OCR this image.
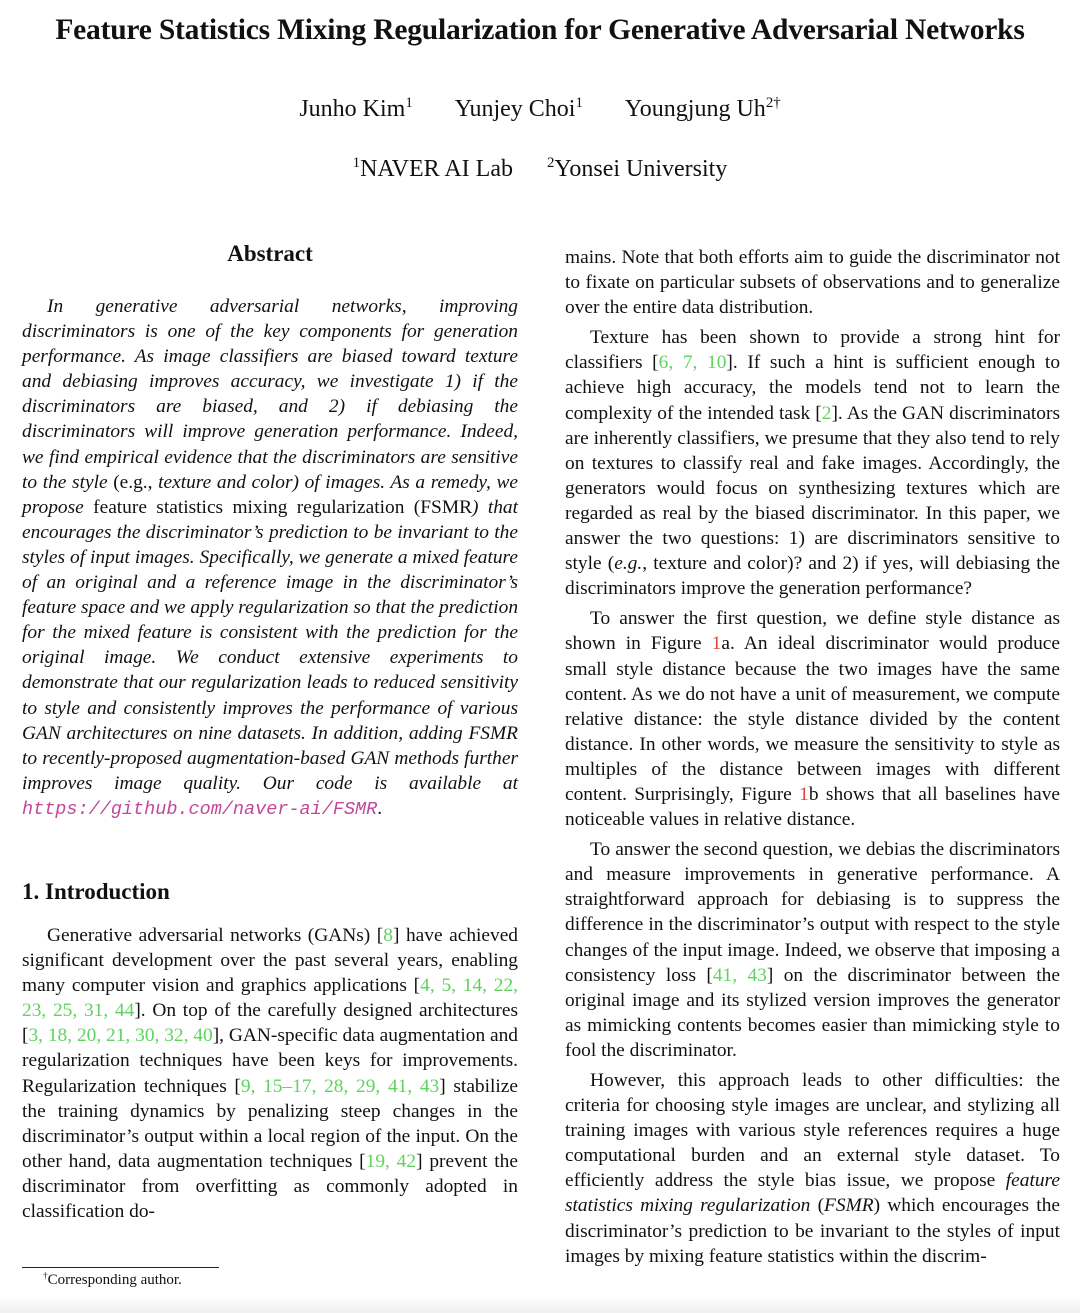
Feature Statistics Mixing Regularization for Generative Adversarial Networks
Junho Kim$^1$ Yunjey Choi$^1$ Youngjung $Uh^{2\dagger}$
$^1$NAVER AI Lab $^2$Yonsei University
Abstract

In generative adversarial networks, improving discriminators is one of the key components for generation performance. As image classifiers are biased toward texture and debiasing improves accuracy, we investigate 1) if the discriminators are biased, and 2) if debiasing the discriminators will improve generation performance. Indeed, we find empirical evidence that the discriminators are sensitive to the style (e.g., texture and color) of images. As a remedy, we propose feature statistics mixing regularization (FSMR) that encourages the discriminator’s prediction to be invariant to the styles of input images. Specifically, we generate a mixed feature of an original and a reference image in the discriminator’s feature space and we apply regularization so that the prediction for the mixed feature is consistent with the prediction for the original image. We conduct extensive experiments to demonstrate that our regularization leads to reduced sensitivity to style and consistently improves the performance of various GAN architectures on nine datasets. In addition, adding FSMR to recently-proposed augmentation-based GAN methods further improves image quality. Our code is available at https://github.com/naver-ai/FSMR.

1. Introduction

Generative adversarial networks (GANs) [8] have achieved significant development over the past several years, enabling many computer vision and graphics applications [4, 5, 14, 22, 23, 25, 31, 44]. On top of the carefully designed architectures [3, 18, 20, 21, 30, 32, 40], GAN-specific data augmentation and regularization techniques have been keys for improvements. Regularization techniques [9, 15–17, 28, 29, 41, 43] stabilize the training dynamics by penalizing steep changes in the discriminator’s output within a local region of the input. On the other hand, data augmentation techniques [19, 42] prevent the discriminator from overfitting as commonly adopted in classification do-

mains. Note that both efforts aim to guide the discriminator not to fixate on particular subsets of observations and to generalize over the entire data distribution.

Texture has been shown to provide a strong hint for classifiers [6, 7, 10]. If such a hint is sufficient enough to achieve high accuracy, the models tend not to learn the complexity of the intended task [2]. As the GAN discriminators are inherently classifiers, we presume that they also tend to rely on textures to classify real and fake images. Accordingly, the generators would focus on synthesizing textures which are regarded as real by the biased discriminator. In this paper, we answer the two questions: 1) are discriminators sensitive to style (e.g., texture and color)? and 2) if yes, will debiasing the discriminators improve the generation performance?

To answer the first question, we define style distance as shown in Figure 1a. An ideal discriminator would produce small style distance because the two images have the same content. As we do not have a unit of measurement, we compute relative distance: the style distance divided by the content distance. In other words, we measure the sensitivity to style as multiples of the distance between images with different content. Surprisingly, Figure 1b shows that all baselines have noticeable values in relative distance.

To answer the second question, we debias the discriminators and measure improvements in generative performance. A straightforward approach for debiasing is to suppress the difference in the discriminator’s output with respect to the style changes of the input image. Indeed, we observe that imposing a consistency loss [41, 43] on the discriminator between the original image and its stylized version improves the generator as mimicking contents becomes easier than mimicking style to fool the discriminator.

However, this approach leads to other difficulties: the criteria for choosing style images are unclear, and stylizing all training images with various style references requires a huge computational burden and an external style dataset. To efficiently address the style bias issue, we propose feature statistics mixing regularization (FSMR) which encourages the discriminator’s prediction to be invariant to the styles of input images by mixing feature statistics within the discrim-

†Corresponding author.
